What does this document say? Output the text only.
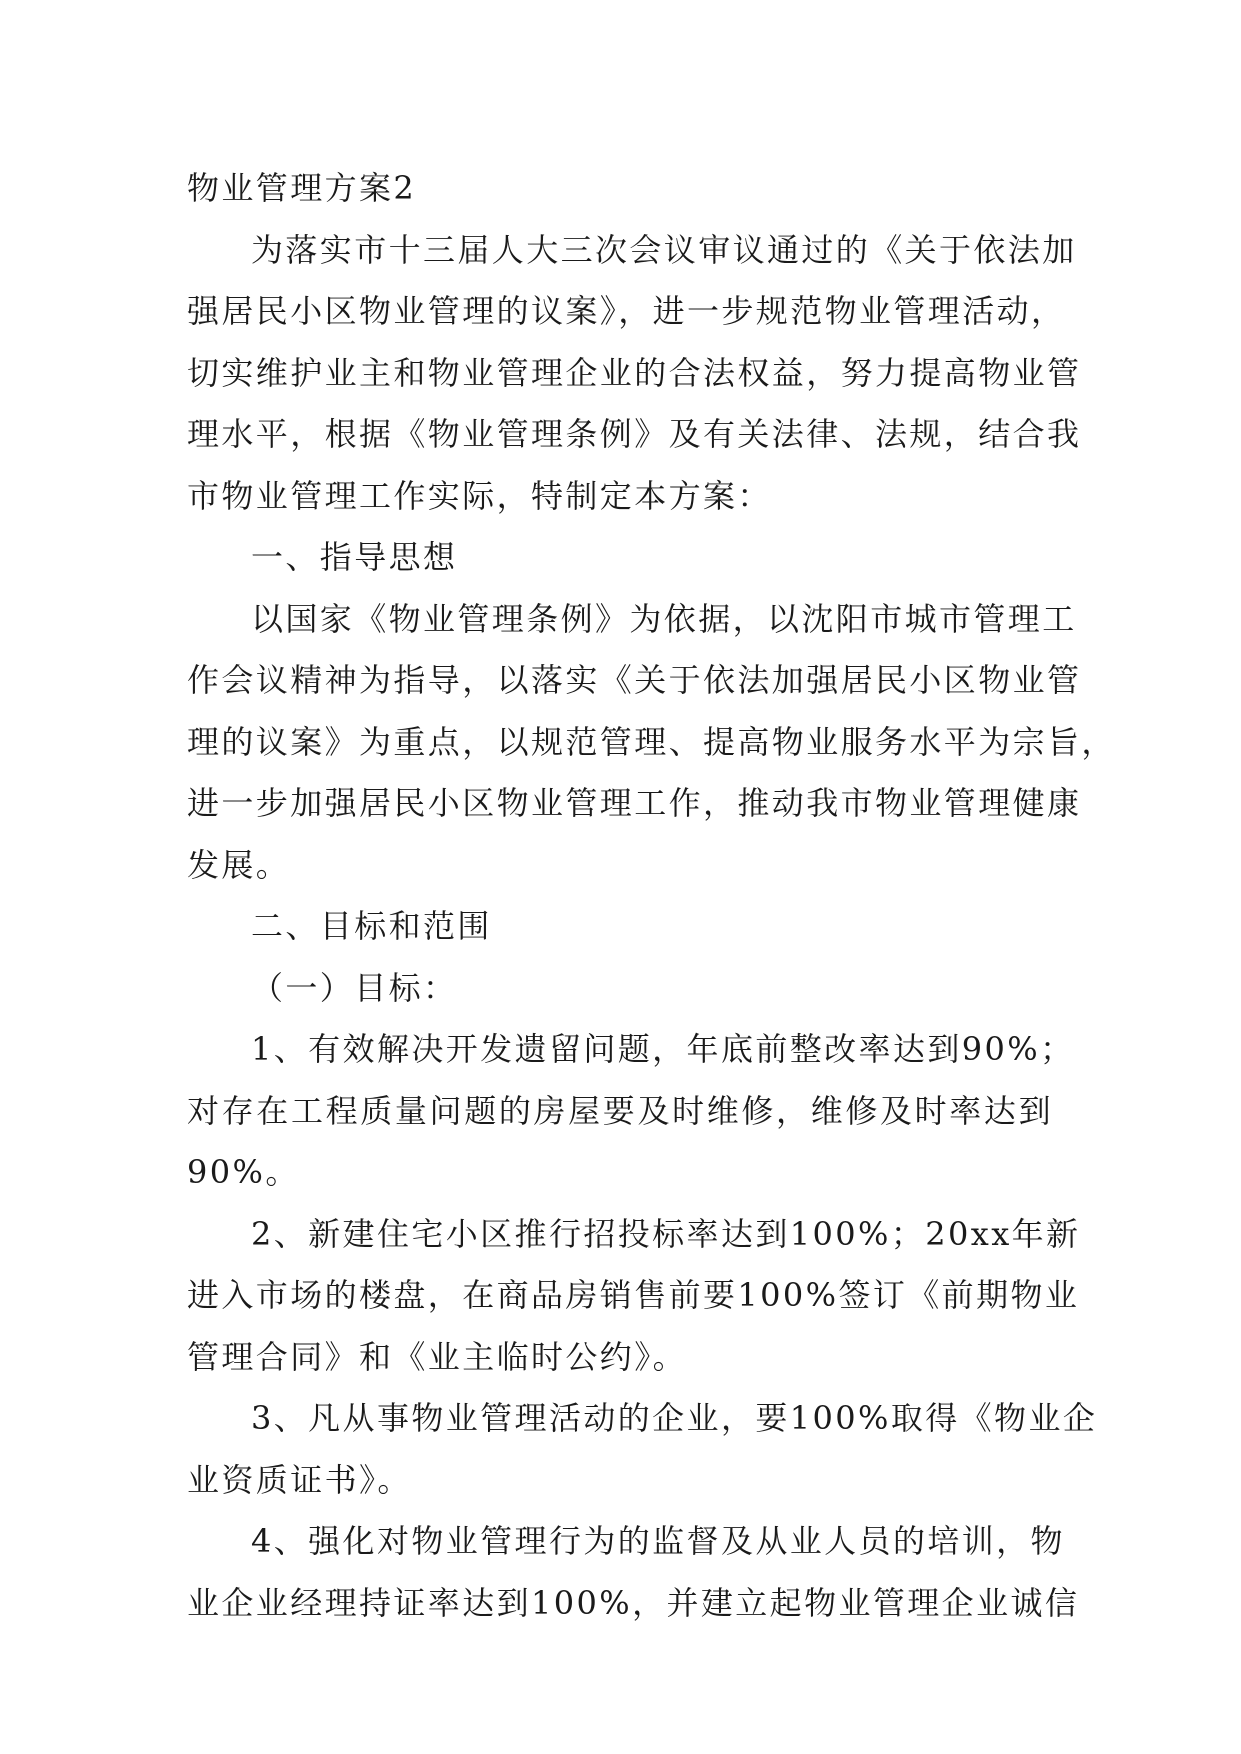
物业管理方案2
为落实市十三届人大三次会议审议通过的《关于依法加
强居民小区物业管理的议案》，进一步规范物业管理活动，
切实维护业主和物业管理企业的合法权益，努力提高物业管
理水平，根据《物业管理条例》及有关法律、法规，结合我
市物业管理工作实际，特制定本方案：
一、指导思想
以国家《物业管理条例》为依据，以沈阳市城市管理工
作会议精神为指导，以落实《关于依法加强居民小区物业管
理的议案》为重点，以规范管理、提高物业服务水平为宗旨，
进一步加强居民小区物业管理工作，推动我市物业管理健康
发展。
二、目标和范围
（一）目标：
1、有效解决开发遗留问题，年底前整改率达到90%；
对存在工程质量问题的房屋要及时维修，维修及时率达到
90%。
2、新建住宅小区推行招投标率达到100%；20xx年新
进入市场的楼盘，在商品房销售前要100%签订《前期物业
管理合同》和《业主临时公约》。
3、凡从事物业管理活动的企业，要100%取得《物业企
业资质证书》。
4、强化对物业管理行为的监督及从业人员的培训，物
业企业经理持证率达到100%，并建立起物业管理企业诚信
